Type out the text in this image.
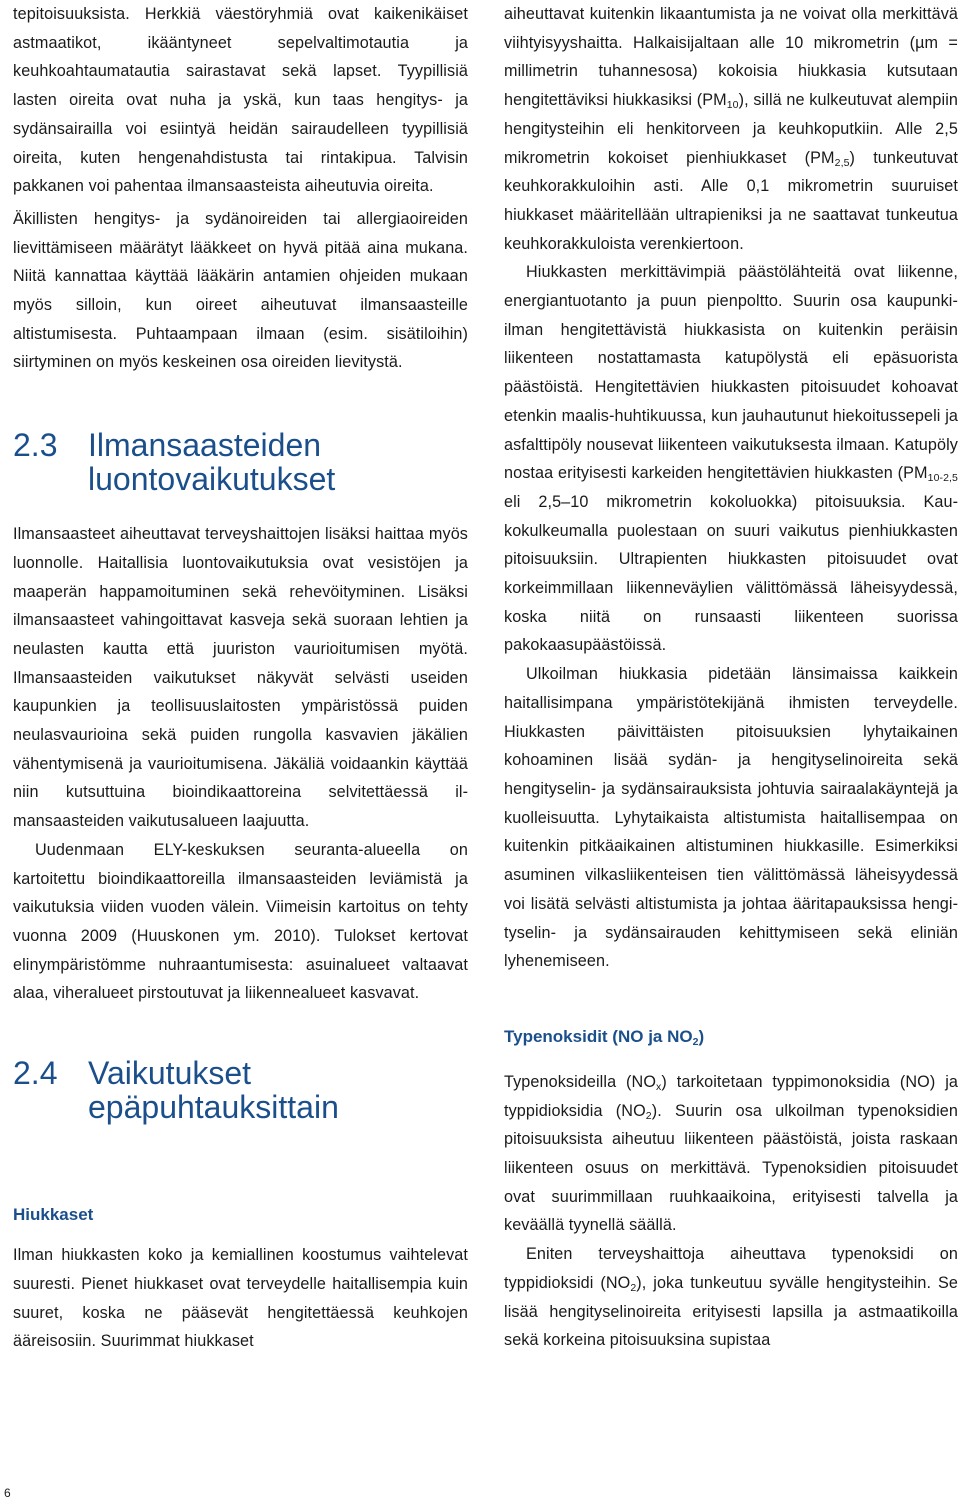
tepitoisuuksista. Herkkiä väestöryhmiä ovat kaikenikäiset astmaatikot, ikääntyneet sepelvaltimotautia ja keuhkoahtaumatautia sairastavat sekä lapset. Tyypillisiä lasten oireita ovat nuha ja yskä, kun taas hengitys- ja sydänsairailla voi esiintyä heidän sairaudelleen tyypillisiä oireita, kuten hengenahdistusta tai rintakipua. Talvisin pakkanen voi pahentaa ilmansaasteista aiheutuvia oireita.

Äkillisten hengitys- ja sydänoireiden tai allergiaoireiden lievittämiseen määrätyt lääkkeet on hyvä pitää aina mukana. Niitä kannattaa käyttää lääkärin antamien ohjeiden mukaan myös silloin, kun oireet aiheutuvat ilmansaasteille altistumisesta. Puhtaampaan ilmaan (esim. sisätiloihin) siirtyminen on myös keskeinen osa oireiden lievitystä.

2.3 Ilmansaasteiden
luontovaikutukset

Ilmansaasteet aiheuttavat terveyshaittojen lisäksi haittaa myös luonnolle. Haitallisia luontovaikutuksia ovat vesistöjen ja maaperän happamoituminen sekä rehevöityminen. Lisäksi ilmansaasteet vahingoittavat kasveja sekä suoraan lehtien ja neulasten kautta että juuriston vaurioitumisen myötä. Ilmansaasteiden vaikutukset näkyvät selvästi useiden kaupunkien ja teollisuuslaitosten ympäristössä puiden neulasvaurioina sekä puiden rungolla kasvavien jäkälien vähentymisenä ja vaurioitumisena. Jäkäliä voidaankin käyttää niin kutsuttuina bioindikaattoreina selvitettäessä ilmansaasteiden vaikutusalueen laajuutta.

Uudenmaan ELY-keskuksen seuranta-alueella on kartoitettu bioindikaattoreilla ilmansaasteiden leviämistä ja vaikutuksia viiden vuoden välein. Viimeisin kartoitus on tehty vuonna 2009 (Huuskonen ym. 2010). Tulokset kertovat elinympäristömme nuhraantumisesta: asuinalueet valtaavat alaa, viheralueet pirstoutuvat ja liikennealueet kasvavat.

2.4 Vaikutukset
epäpuhtauksittain
Hiukkaset

Ilman hiukkasten koko ja kemiallinen koostumus vaihtelevat suuresti. Pienet hiukkaset ovat terveydelle haitallisempia kuin suuret, koska ne pääsevät hengitettäessä keuhkojen ääreisosiin. Suurimmat hiukkaset

aiheuttavat kuitenkin likaantumista ja ne voivat olla merkittävä viihtyisyyshaitta. Halkaisijaltaan alle 10 mikrometrin (µm = millimetrin tuhannesosa) kokoisia hiukkasia kutsutaan hengitettäviksi hiukkasiksi $(PM_{10})$, sillä ne kulkeutuvat alempiin hengitysteihin eli henkitorveen ja keuhkoputkiin. Alle 2,5 mikrometrin kokoiset pienhiukkaset $(PM_{2,5})$ tunkeutuvat keuhkorakkuloihin asti. Alle 0,1 mikrometrin suuruiset hiukkaset määritellään ultrapieniksi ja ne saattavat tunkeutua keuhkorakkuloista verenkiertoon.

Hiukkasten merkittävimpiä päästölähteitä ovat liikenne, energiantuotanto ja puun pienpoltto. Suurin osa kaupunki-ilman hengitettävistä hiukkasista on kuitenkin peräisin liikenteen nostattamasta katupölystä eli epäsuorista päästöistä. Hengitettävien hiukkasten pitoisuudet kohoavat etenkin maalis-huhtikuussa, kun jauhautunut hiekoitussepeli ja asfalttipöly nousevat liikenteen vaikutuksesta ilmaan. Katupöly nostaa erityisesti karkeiden hengitettävien hiukkasten ($PM_{10-2,5}$ eli 2,5–10 mikrometrin kokoluokka) pitoisuuksia. Kaukokulkeumalla puolestaan on suuri vaikutus pienhiukkasten pitoisuuksiin. Ultrapienten hiukkasten pitoisuudet ovat korkeimmillaan liikenneväylien välittömässä läheisyydessä, koska niitä on runsaasti liikenteen suorissa pakokaasupäästöissä.

Ulkoilman hiukkasia pidetään länsimaissa kaikkein haitallisimpana ympäristötekijänä ihmisten terveydelle. Hiukkasten päivittäisten pitoisuuksien lyhytaikainen kohoaminen lisää sydän- ja hengityselinoireita sekä hengityselin- ja sydänsairauksista johtuvia sairaalakäyntejä ja kuolleisuutta. Lyhytaikaista altistumista haitallisempaa on kuitenkin pitkäaikainen altistuminen hiukkasille. Esimerkiksi asuminen vilkasliikenteisen tien välittömässä läheisyydessä voi lisätä selvästi altistumista ja johtaa ääritapauksissa hengityselin- ja sydänsairauden kehittymiseen sekä eliniän lyhenemiseen.

Typenoksidit (NO ja $NO_2$)

Typenoksideilla $(NO_x)$ tarkoitetaan typpimonoksidia (NO) ja typpidioksidia $(NO_2)$. Suurin osa ulkoilman typenoksidien pitoisuuksista aiheutuu liikenteen päästöistä, joista raskaan liikenteen osuus on merkittävä. Typenoksidien pitoisuudet ovat suurimmillaan ruuhkaaikoina, erityisesti talvella ja keväällä tyynellä säällä.

Eniten terveyshaittoja aiheuttava typenoksidi on typpidioksidi $(NO_2)$, joka tunkeutuu syvälle hengitysteihin. Se lisää hengityselinoireita erityisesti lapsilla ja astmaatikoilla sekä korkeina pitoisuuksina supistaa

6
